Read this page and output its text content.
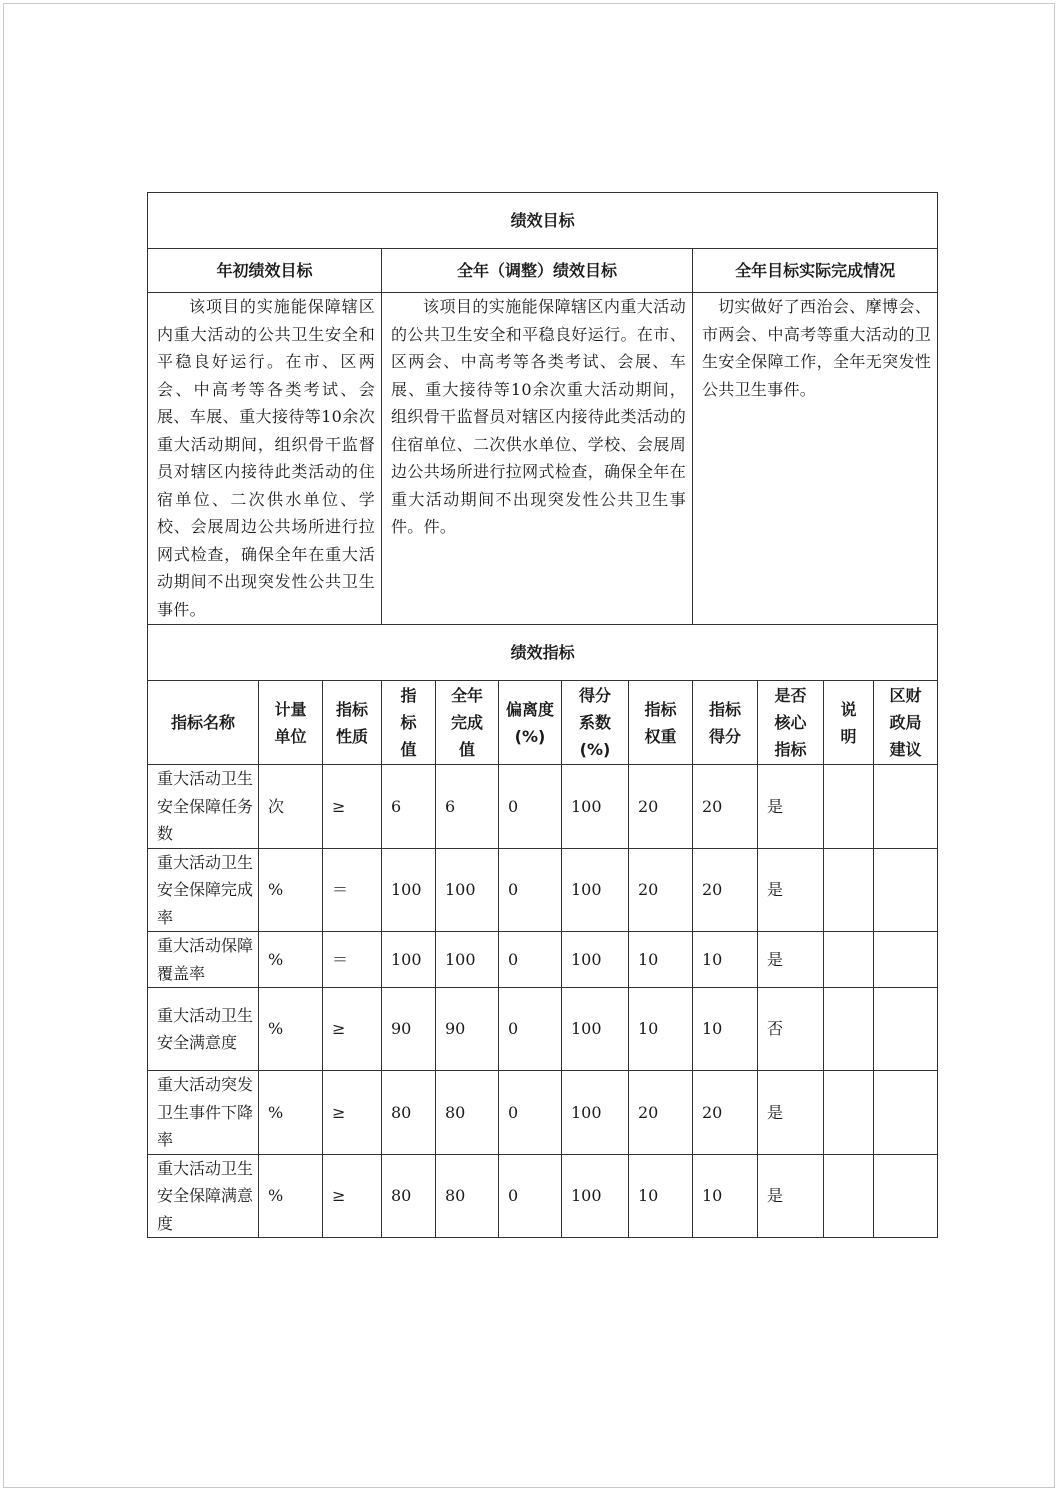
绩效目标											
年初绩效目标			全年（调整）绩效目标					全年目标实际完成情况			
该项目的实施能保障辖区内重大活动的公共卫生安全和平稳良好运行。在市、区两会、中高考等各类考试、会展、车展、重大接待等10余次重大活动期间，组织骨干监督员对辖区内接待此类活动的住宿单位、二次供水单位、学校、会展周边公共场所进行拉网式检查，确保全年在重大活动期间不出现突发性公共卫生事件。			该项目的实施能保障辖区内重大活动的公共卫生安全和平稳良好运行。在市、区两会、中高考等各类考试、会展、车展、重大接待等10余次重大活动期间，组织骨干监督员对辖区内接待此类活动的住宿单位、二次供水单位、学校、会展周边公共场所进行拉网式检查，确保全年在重大活动期间不出现突发性公共卫生事件。件。					切实做好了西治会、摩博会、市两会、中高考等重大活动的卫生安全保障工作，全年无突发性公共卫生事件。			
绩效指标											
指标名称	计量单位	指标性质	指标值	全年完成值	偏离度(%)	得分系数(%)	指标权重	指标得分	是否核心指标	说明	区财政局建议

重大活动卫生安全保障任务数	次	≥	6	6	0	100	20	20	是		
重大活动卫生安全保障完成率	%	＝	100	100	0	100	20	20	是		
重大活动保障覆盖率	%	＝	100	100	0	100	10	10	是		
重大活动卫生安全满意度	%	≥	90	90	0	100	10	10	否		
重大活动突发卫生事件下降率	%	≥	80	80	0	100	20	20	是		
重大活动卫生安全保障满意度	%	≥	80	80	0	100	10	10	是		
